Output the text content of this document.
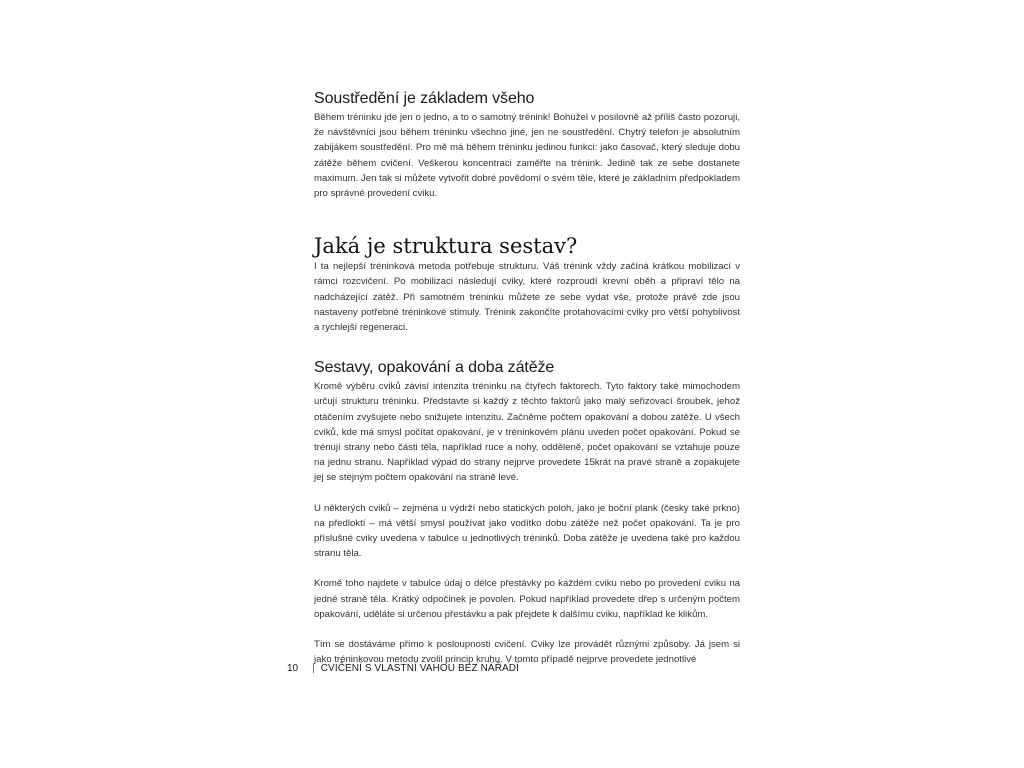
Soustředění je základem všeho

Během tréninku jde jen o jedno, a to o samotný trénink! Bohužel v posilovně až příliš často pozoruji, že návštěvníci jsou během tréninku všechno jiné, jen ne soustředění. Chytrý telefon je absolutním zabijákem soustředění. Pro mě má během tréninku jedinou funkci: jako časovač, který sleduje dobu zátěže během cvičení. Veškerou koncentraci zaměřte na trénink. Jedině tak ze sebe dostanete maximum. Jen tak si můžete vytvořit dobré povědomí o svém těle, které je základním předpokladem pro správné provedení cviku.

Jaká je struktura sestav?

I ta nejlepší tréninková metoda potřebuje strukturu. Váš trénink vždy začíná krátkou mobilizací v rámci rozcvičení. Po mobilizaci následují cviky, které rozproudí krevní oběh a připraví tělo na nadcházející zátěž. Při samotném tréninku můžete ze sebe vydat vše, protože právě zde jsou nastaveny potřebné tréninkové stimuly. Trénink zakončíte protahovacími cviky pro větší pohyblivost a rychlejší regeneraci.

Sestavy, opakování a doba zátěže

Kromě výběru cviků závisí intenzita tréninku na čtyřech faktorech. Tyto faktory také mimochodem určují strukturu tréninku. Představte si každý z těchto faktorů jako malý seřizovací šroubek, jehož otáčením zvyšujete nebo snižujete intenzitu. Začněme počtem opakování a dobou zátěže. U všech cviků, kde má smysl počítat opakování, je v tréninkovém plánu uveden počet opakování. Pokud se trénují strany nebo části těla, například ruce a nohy, odděleně, počet opakování se vztahuje pouze na jednu stranu. Například výpad do strany nejprve provedete 15krát na pravé straně a zopakujete jej se stejným počtem opakování na straně levé.

U některých cviků – zejména u výdrží nebo statických poloh, jako je boční plank (česky také prkno) na předloktí – má větší smysl používat jako vodítko dobu zátěže než počet opakování. Ta je pro příslušné cviky uvedena v tabulce u jednotlivých tréninků. Doba zátěže je uvedena také pro každou stranu těla.

Kromě toho najdete v tabulce údaj o délce přestávky po každém cviku nebo po provedení cviku na jedné straně těla. Krátký odpočinek je povolen. Pokud například provedete dřep s určeným počtem opakování, uděláte si určenou přestávku a pak přejdete k dalšímu cviku, například ke klikům.

Tím se dostáváme přímo k posloupnosti cvičení. Cviky lze provádět různými způsoby. Já jsem si jako tréninkovou metodu zvolil princip kruhu. V tomto případě nejprve provedete jednotlivé

10 | CVIČENÍ S VLASTNÍ VAHOU BEZ NÁŘADÍ
